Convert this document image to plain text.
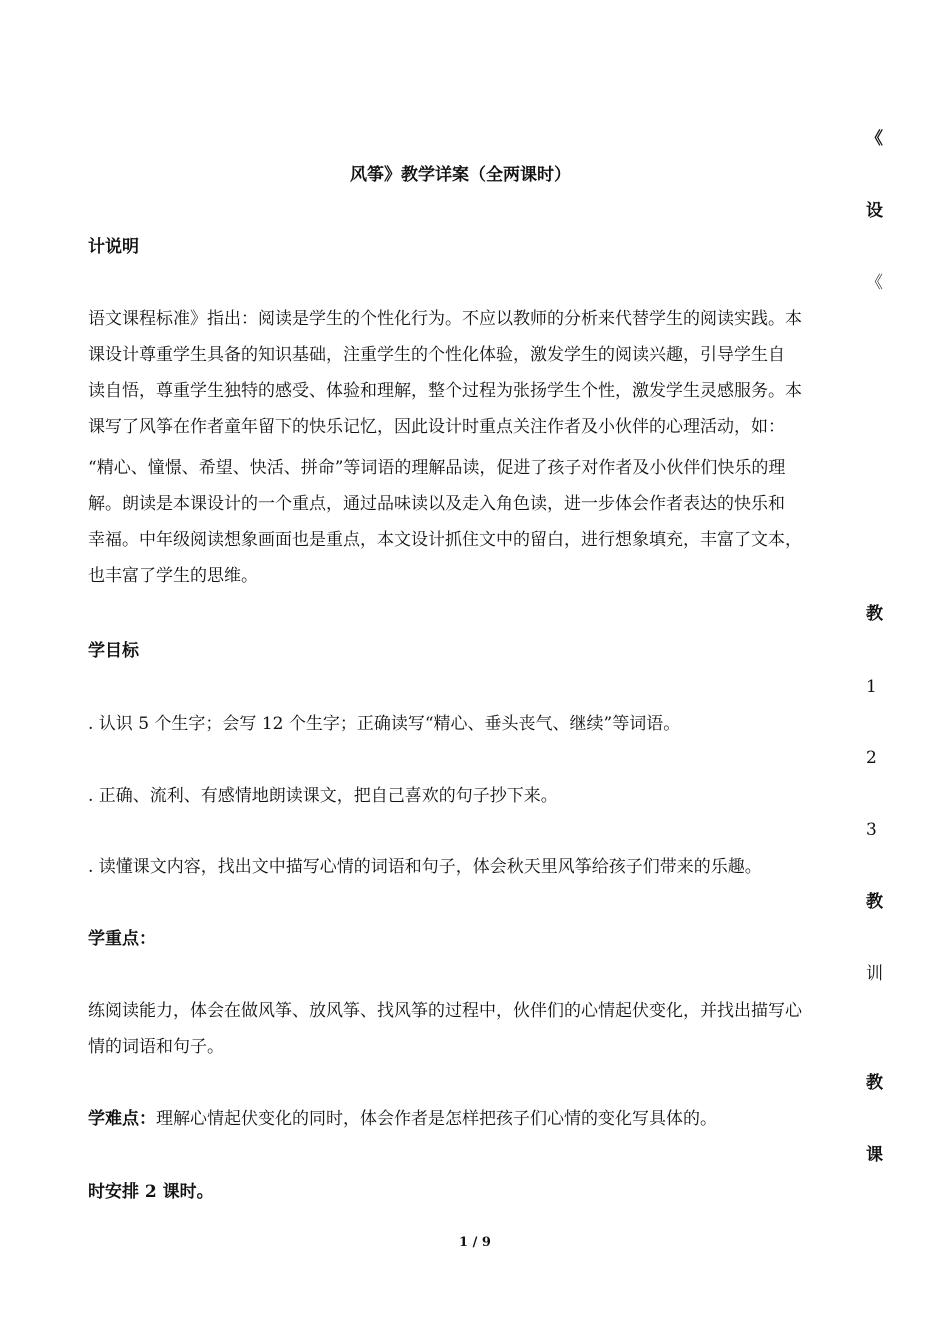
《
风筝》教学详案（全两课时）
设
计说明
《
语文课程标准》指出：阅读是学生的个性化行为。不应以教师的分析来代替学生的阅读实践。本
课设计尊重学生具备的知识基础，注重学生的个性化体验，激发学生的阅读兴趣，引导学生自
读自悟，尊重学生独特的感受、体验和理解，整个过程为张扬学生个性，激发学生灵感服务。本
课写了风筝在作者童年留下的快乐记忆，因此设计时重点关注作者及小伙伴的心理活动，如：
“精心、憧憬、希望、快活、拼命”等词语的理解品读，促进了孩子对作者及小伙伴们快乐的理
解。朗读是本课设计的一个重点，通过品味读以及走入角色读，进一步体会作者表达的快乐和
幸福。中年级阅读想象画面也是重点，本文设计抓住文中的留白，进行想象填充，丰富了文本，
也丰富了学生的思维。
教
学目标
1
. 认识 5 个生字；会写 12 个生字；正确读写“精心、垂头丧气、继续”等词语。
2
. 正确、流利、有感情地朗读课文，把自己喜欢的句子抄下来。
3
. 读懂课文内容，找出文中描写心情的词语和句子，体会秋天里风筝给孩子们带来的乐趣。
教
学重点：
训
练阅读能力，体会在做风筝、放风筝、找风筝的过程中，伙伴们的心情起伏变化，并找出描写心
情的词语和句子。
教
学难点：理解心情起伏变化的同时，体会作者是怎样把孩子们心情的变化写具体的。
课
时安排 2 课时。
1 / 9
